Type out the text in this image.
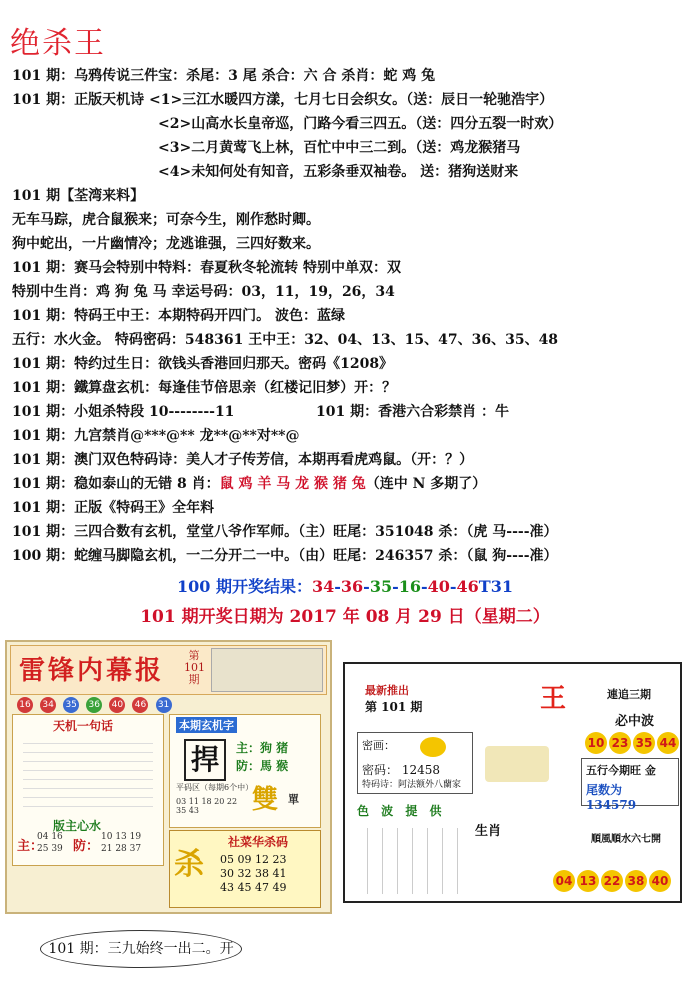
绝杀王
101 期：乌鸦传说三件宝：杀尾：3 尾 杀合：六 合 杀肖：蛇 鸡 兔
101 期：正版天机诗 <1>三江水暖四方漾，七月七日会织女。（送：辰日一轮驰浩宇）
<2>山高水长皇帝巡，门路今看三四五。（送：四分五裂一时欢）
<3>二月黄莺飞上林，百忙中中三二到。（送：鸡龙猴猪马
<4>未知何处有知音，五彩条垂双袖卷。 送：猪狗送财来
101 期【荃湾来料】
无车马踪，虎合鼠猴来；可奈今生，刚作愁时卿。
狗中蛇出，一片幽情冷；龙逃谁强，三四好数来。
101 期：赛马会特别中特料：春夏秋冬轮流转 特别中单双：双
特别中生肖：鸡 狗 兔 马 幸运号码：03，11，19，26，34
101 期：特码王中王：本期特码开四门。 波色：蓝绿
五行：水火金。 特码密码：548361 王中王：32、04、13、15、47、36、35、48
101 期：特约过生日：欲钱头香港回归那天。密码《1208》
101 期：鐵算盘玄机：每逢佳节倍思亲（红楼记旧梦）开：？
101 期：小姐杀特段 10--------11	101 期：香港六合彩禁肖 ：牛
101 期：九宫禁肖@***@** 龙**@**对**@
101 期：澳门双色特码诗：美人才子传芳信，本期再看虎鸡鼠。（开：？）
101 期：稳如泰山的无错 8 肖：鼠 鸡 羊 马 龙 猴 猪 兔（连中 N 多期了）
101 期：正版《特码王》全年料
101 期：三四合数有玄机，堂堂八爷作军师。（主）旺尾：351048 杀：（虎 马----准）
100 期：蛇缠马脚隐玄机，一二分开二一中。（由）旺尾：246357 杀：（鼠 狗----准）
100 期开奖结果：34-36-35-16-40-46T31
101 期开奖日期为 2017 年 08 月 29 日（星期二）
雷锋内幕报
第 101 期
16 34 35 36 40 46 31
天机一句话
版主心水
主：
04 16
25 39 防：
10 13 19
21 28 37
本期玄机字
捍	主：狗 猪
防：馬 猴
雙 單
平码区（每期6个中）
03 11 18 20 22 35 43
杀
社菜华杀码
05 09 12 23
30 32 38 41
43 45 47 49
最新推出
第 101 期	王	連追三期
必中波
10 23 35 44
五行今期旺 金
尾数为 134579
密画：
密码： 12458
特码诗：阿法额外八蘭家
色 波 提 供
生肖
順風順水六七開
04 13 22 38 40
101 期：三九始终一出二。开
